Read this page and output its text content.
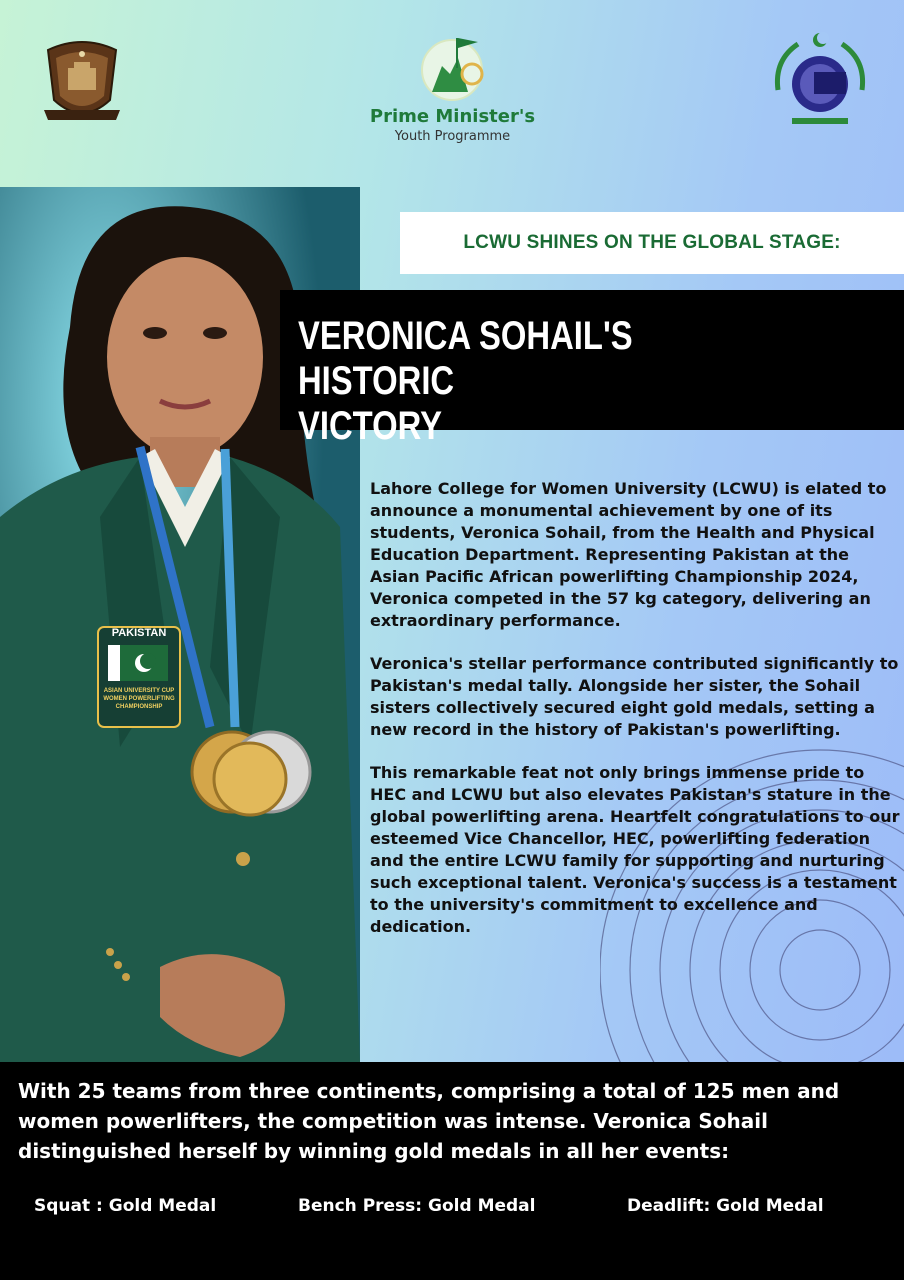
Prime Minister's
Youth Programme
PAKISTAN
ASIAN UNIVERSITY CUP WOMEN POWERLIFTING CHAMPIONSHIP
LCWU SHINES ON THE GLOBAL STAGE:
VERONICA SOHAIL'S HISTORIC
VICTORY

Lahore College for Women University (LCWU) is elated to announce a monumental achievement by one of its students, Veronica Sohail, from the Health and Physical Education Department. Representing Pakistan at the Asian Pacific African powerlifting Championship 2024, Veronica competed in the 57 kg category, delivering an extraordinary performance.

Veronica's stellar performance contributed significantly to Pakistan's medal tally. Alongside her sister, the Sohail sisters collectively secured eight gold medals, setting a new record in the history of Pakistan's powerlifting.

This remarkable feat not only brings immense pride to HEC and LCWU but also elevates Pakistan's stature in the global powerlifting arena. Heartfelt congratulations to our esteemed Vice Chancellor, HEC, powerlifting federation and the entire LCWU family for supporting and nurturing such exceptional talent. Veronica's success is a testament to the university's commitment to excellence and dedication.

With 25 teams from three continents, comprising a total of 125 men and women powerlifters, the competition was intense. Veronica Sohail distinguished herself by winning gold medals in all her events:
Squat : Gold Medal	Bench Press: Gold Medal	Deadlift: Gold Medal
